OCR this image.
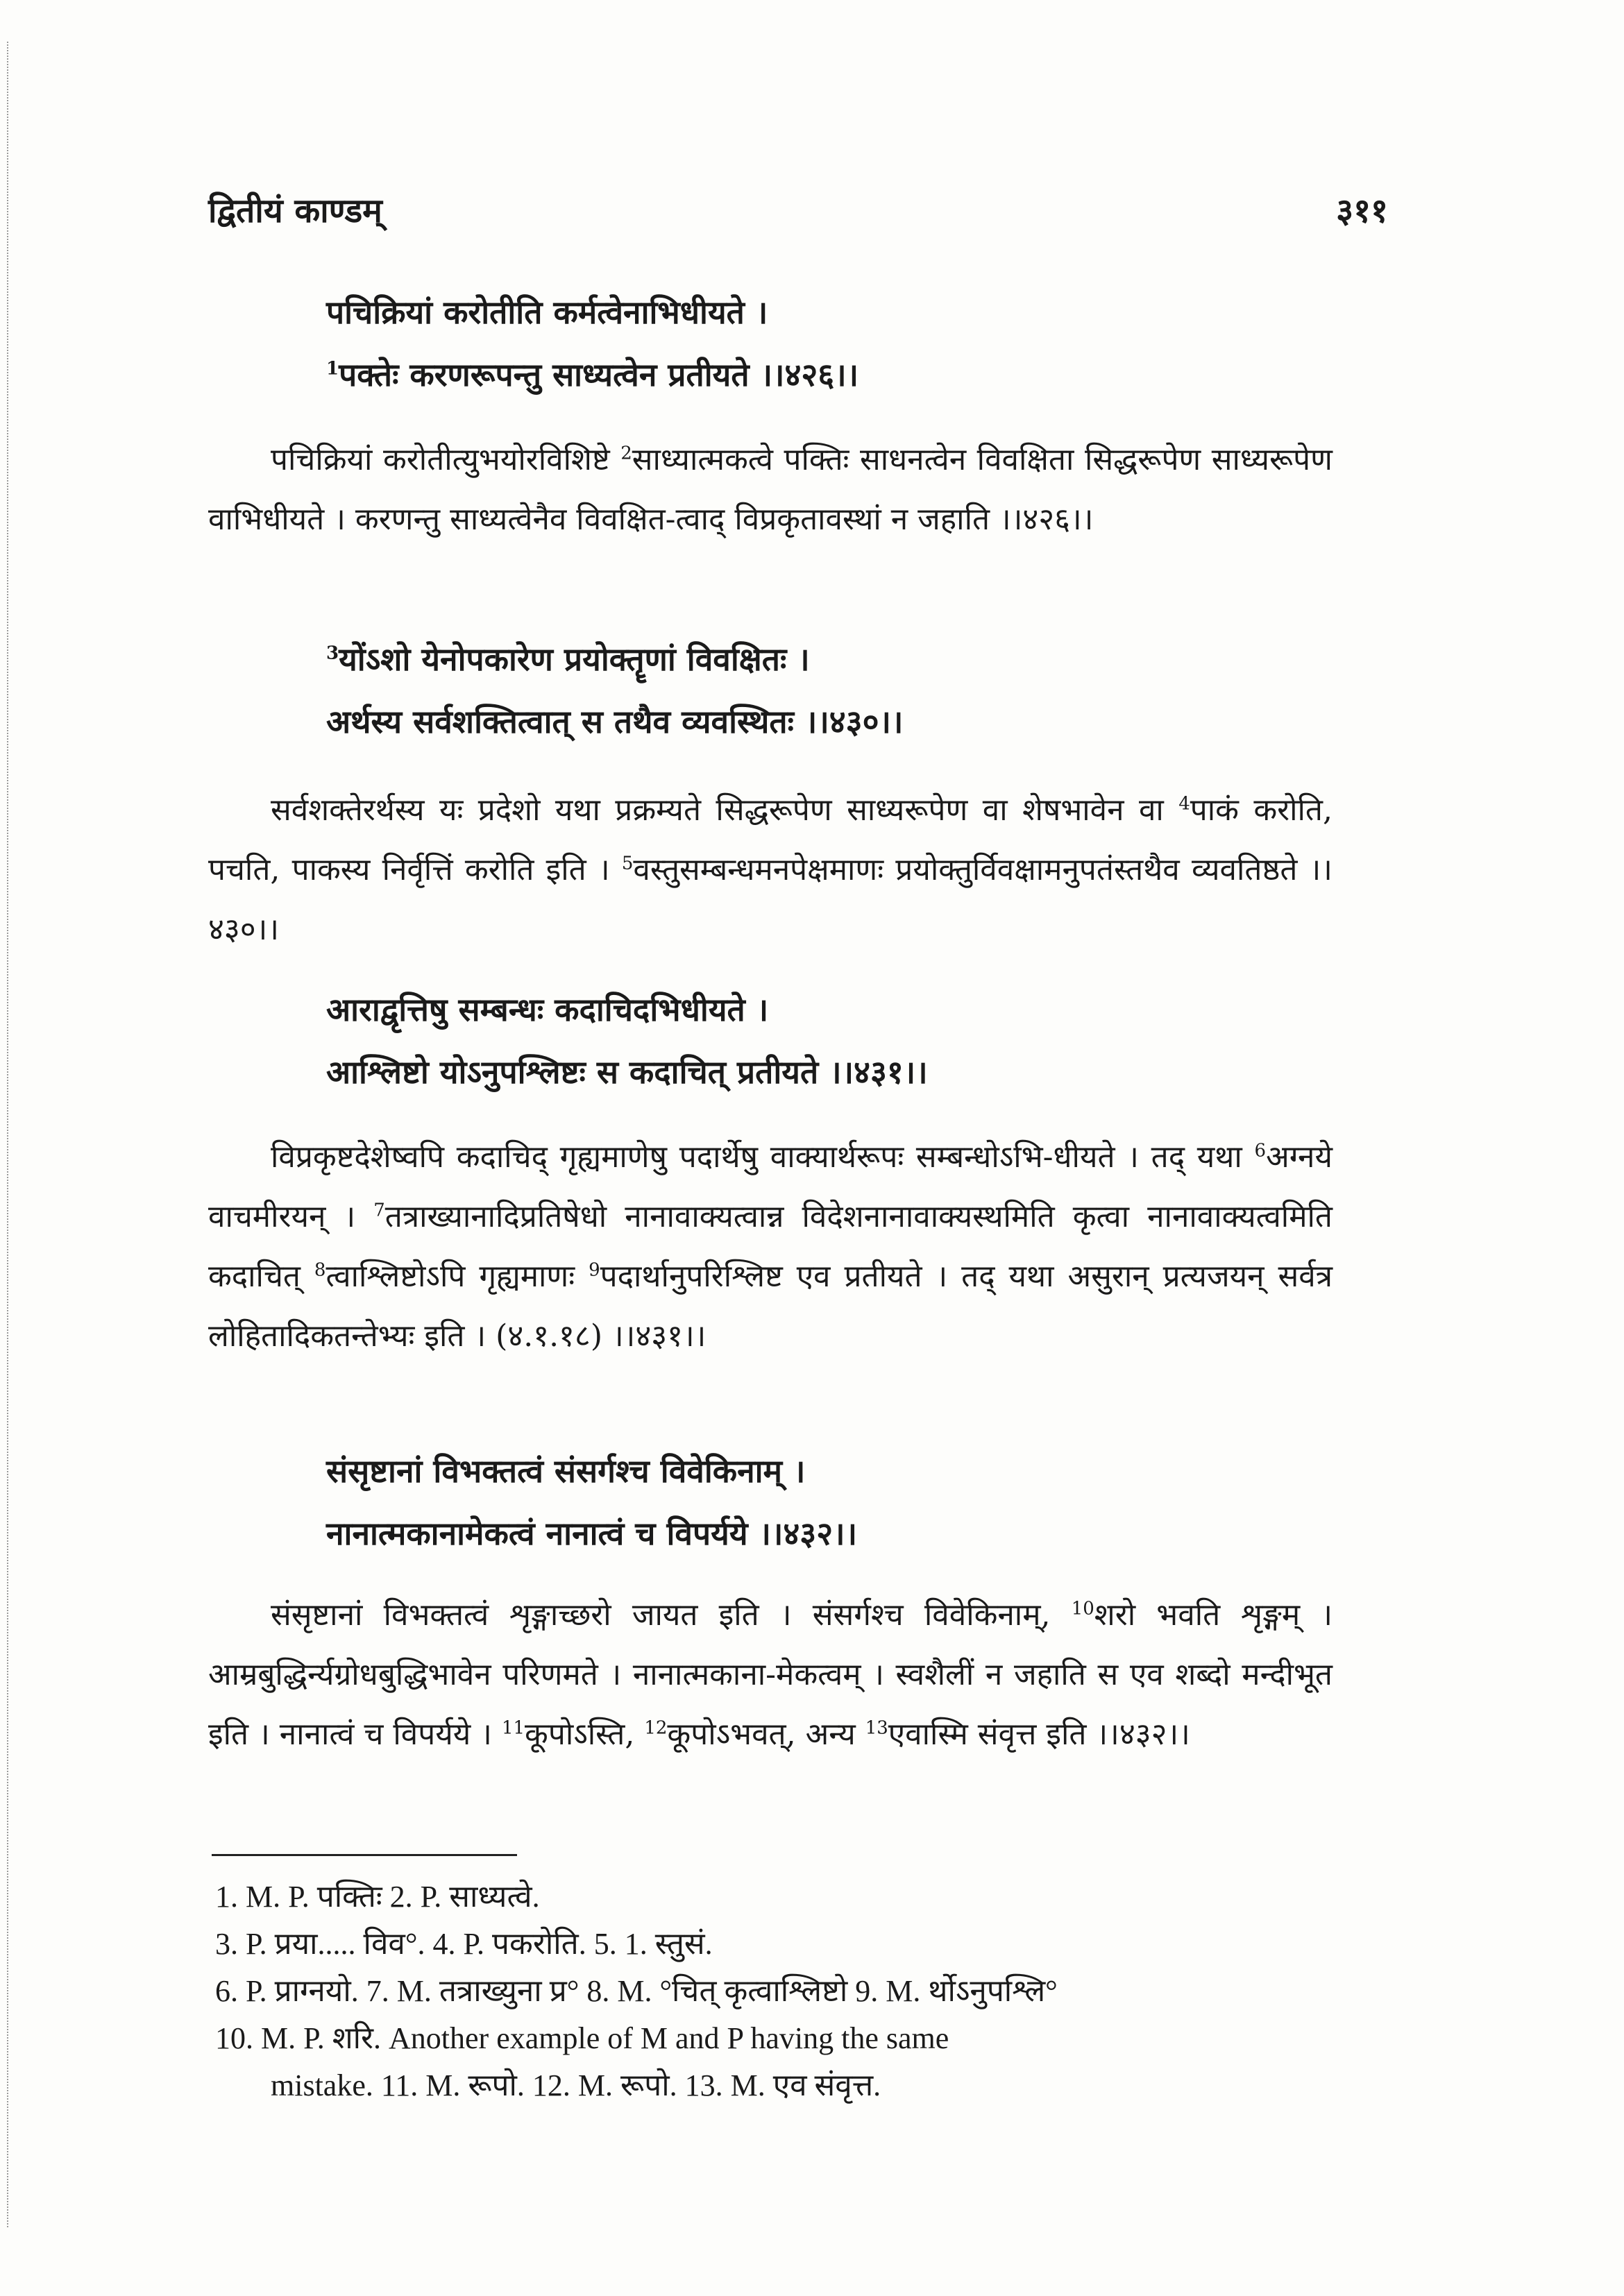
द्वितीयं काण्डम्	३११
पचिक्रियां करोतीति कर्मत्वेनाभिधीयते ।
$^1$पक्तेः करणरूपन्तु साध्यत्वेन प्रतीयते ।।४२६।।

पचिक्रियां करोतीत्युभयोरविशिष्टे $^2$साध्यात्मकत्वे पक्तिः साधनत्वेन विवक्षिता सिद्धरूपेण साध्यरूपेण वाभिधीयते । करणन्तु साध्यत्वेनैव विवक्षित-त्वाद् विप्रकृतावस्थां न जहाति ।।४२६।।

$^3$योंऽशो येनोपकारेण प्रयोक्तॄणां विवक्षितः ।
अर्थस्य सर्वशक्तित्वात् स तथैव व्यवस्थितः ।।४३०।।

सर्वशक्तेरर्थस्य यः प्रदेशो यथा प्रक्रम्यते सिद्धरूपेण साध्यरूपेण वा शेषभावेन वा $^4$पाकं करोति, पचति, पाकस्य निर्वृत्तिं करोति इति । $^5$वस्तुसम्बन्धमनपेक्षमाणः प्रयोक्तुर्विवक्षामनुपतंस्तथैव व्यवतिष्ठते ।।४३०।।

आराद्वृत्तिषु सम्बन्धः कदाचिदभिधीयते ।
आश्लिष्टो योऽनुपश्लिष्टः स कदाचित् प्रतीयते ।।४३१।।

विप्रकृष्टदेशेष्वपि कदाचिद् गृह्यमाणेषु पदार्थेषु वाक्यार्थरूपः सम्बन्धोऽभि-धीयते । तद् यथा $^6$अग्नये वाचमीरयन् । $^7$तत्राख्यानादिप्रतिषेधो नानावाक्यत्वान्न विदेशनानावाक्यस्थमिति कृत्वा नानावाक्यत्वमिति कदाचित् $^8$त्वाश्लिष्टोऽपि गृह्यमाणः $^9$पदार्थानुपरिश्लिष्ट एव प्रतीयते । तद् यथा असुरान् प्रत्यजयन् सर्वत्र लोहितादिकतन्तेभ्यः इति । (४.१.१८) ।।४३१।।

संसृष्टानां विभक्तत्वं संसर्गश्च विवेकिनाम् ।
नानात्मकानामेकत्वं नानात्वं च विपर्यये ।।४३२।।

संसृष्टानां विभक्तत्वं शृङ्गाच्छरो जायत इति । संसर्गश्च विवेकिनाम्, $^{10}$शरो भवति शृङ्गम् । आम्रबुद्धिर्न्यग्रोधबुद्धिभावेन परिणमते । नानात्मकाना-मेकत्वम् । स्वशैलीं न जहाति स एव शब्दो मन्दीभूत इति । नानात्वं च विपर्यये । $^{11}$कूपोऽस्ति, $^{12}$कूपोऽभवत्, अन्य $^{13}$एवास्मि संवृत्त इति ।।४३२।।

1. M. P. पक्तिः 2. P. साध्यत्वे.
3. P. प्रया..... विव°. 4. P. पकरोति. 5. 1. स्तुसं.
6. P. प्राग्नयो. 7. M. तत्राख्युना प्र° 8. M. °चित् कृत्वाश्लिष्टो 9. M. र्थोऽनुपश्लि°
10. M. P. शरि. Another example of M and P having the same
mistake. 11. M. रूपो. 12. M. रूपो. 13. M. एव संवृत्त.
